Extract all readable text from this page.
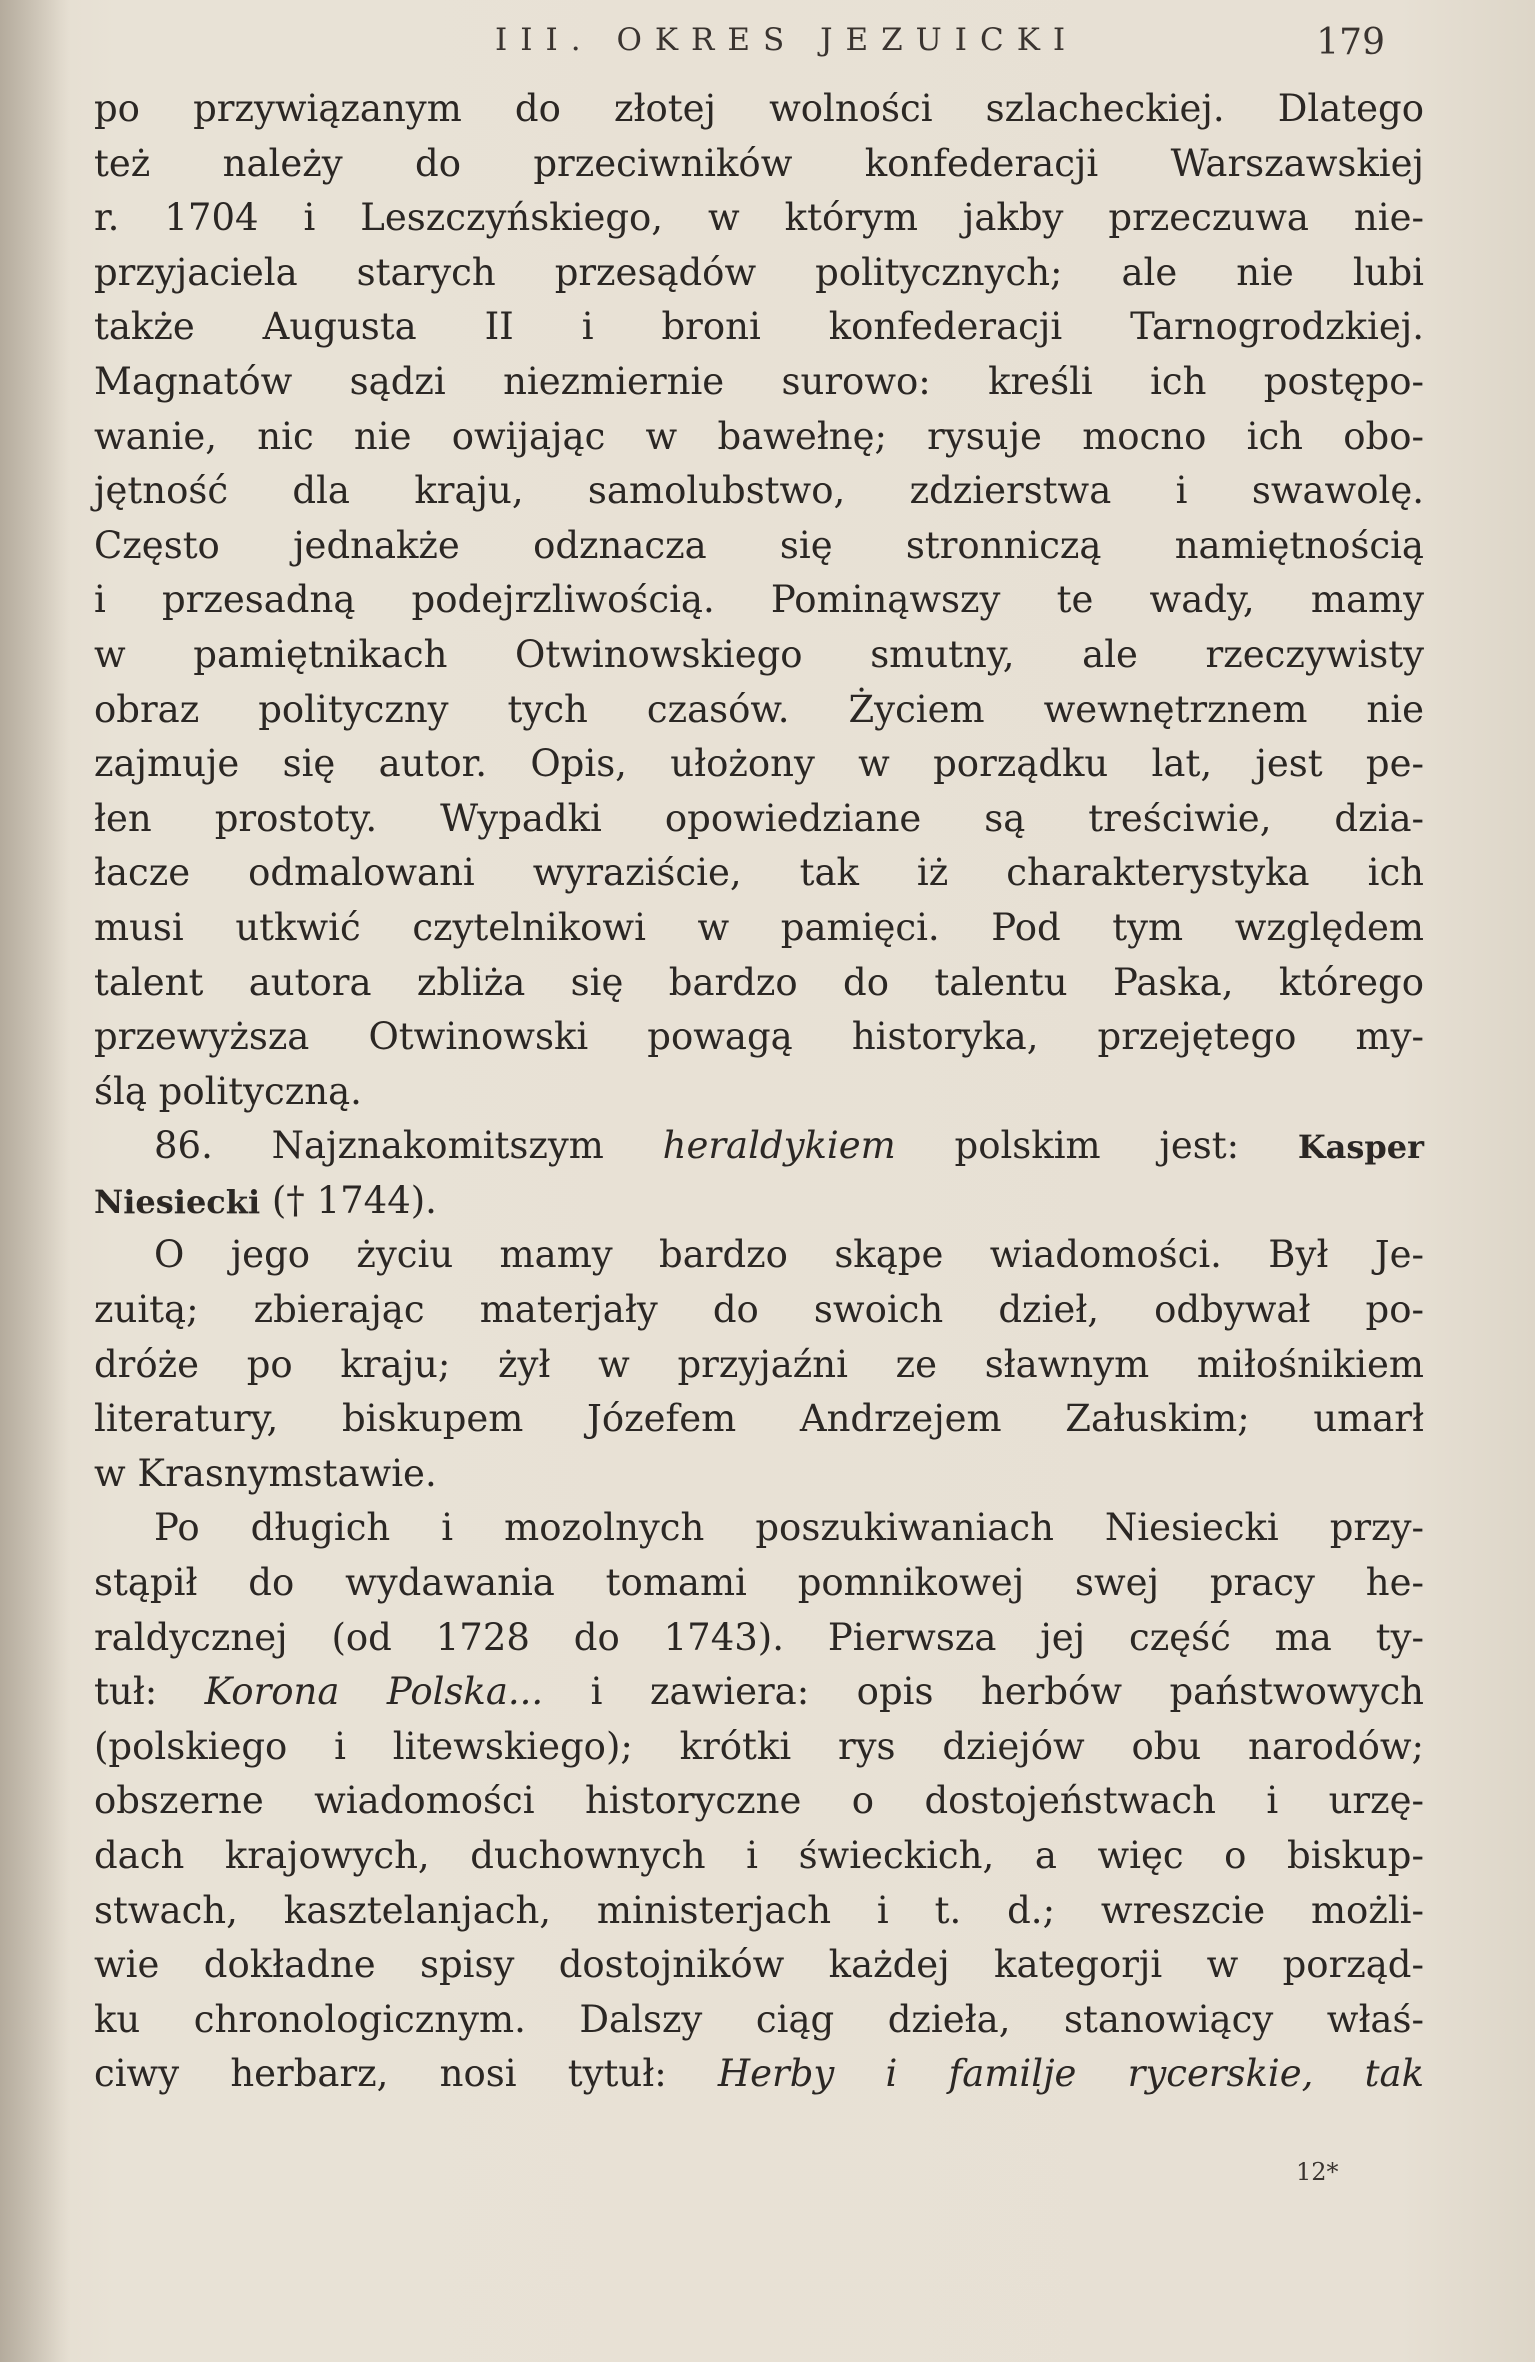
III. OKRES JEZUICKI	179
po przywiązanym do złotej wolności szlacheckiej. Dlatego
też należy do przeciwników konfederacji Warszawskiej
r. 1704 i Leszczyńskiego, w którym jakby przeczuwa nie-
przyjaciela starych przesądów politycznych; ale nie lubi
także Augusta II i broni konfederacji Tarnogrodzkiej.
Magnatów sądzi niezmiernie surowo: kreśli ich postępo-
wanie, nic nie owijając w bawełnę; rysuje mocno ich obo-
jętność dla kraju, samolubstwo, zdzierstwa i swawolę.
Często jednakże odznacza się stronniczą namiętnością
i przesadną podejrzliwością. Pominąwszy te wady, mamy
w pamiętnikach Otwinowskiego smutny, ale rzeczywisty
obraz polityczny tych czasów. Życiem wewnętrznem nie
zajmuje się autor. Opis, ułożony w porządku lat, jest pe-
łen prostoty. Wypadki opowiedziane są treściwie, dzia-
łacze odmalowani wyraziście, tak iż charakterystyka ich
musi utkwić czytelnikowi w pamięci. Pod tym względem
talent autora zbliża się bardzo do talentu Paska, którego
przewyższa Otwinowski powagą historyka, przejętego my-
ślą polityczną.
86. Najznakomitszym heraldykiem polskim jest: Kasper
Niesiecki († 1744).
O jego życiu mamy bardzo skąpe wiadomości. Był Je-
zuitą; zbierając materjały do swoich dzieł, odbywał po-
dróże po kraju; żył w przyjaźni ze sławnym miłośnikiem
literatury, biskupem Józefem Andrzejem Załuskim; umarł
w Krasnymstawie.
Po długich i mozolnych poszukiwaniach Niesiecki przy-
stąpił do wydawania tomami pomnikowej swej pracy he-
raldycznej (od 1728 do 1743). Pierwsza jej część ma ty-
tuł: Korona Polska... i zawiera: opis herbów państwowych
(polskiego i litewskiego); krótki rys dziejów obu narodów;
obszerne wiadomości historyczne o dostojeństwach i urzę-
dach krajowych, duchownych i świeckich, a więc o biskup-
stwach, kasztelanjach, ministerjach i t. d.; wreszcie możli-
wie dokładne spisy dostojników każdej kategorji w porząd-
ku chronologicznym. Dalszy ciąg dzieła, stanowiący właś-
ciwy herbarz, nosi tytuł: Herby i familje rycerskie, tak
12*
